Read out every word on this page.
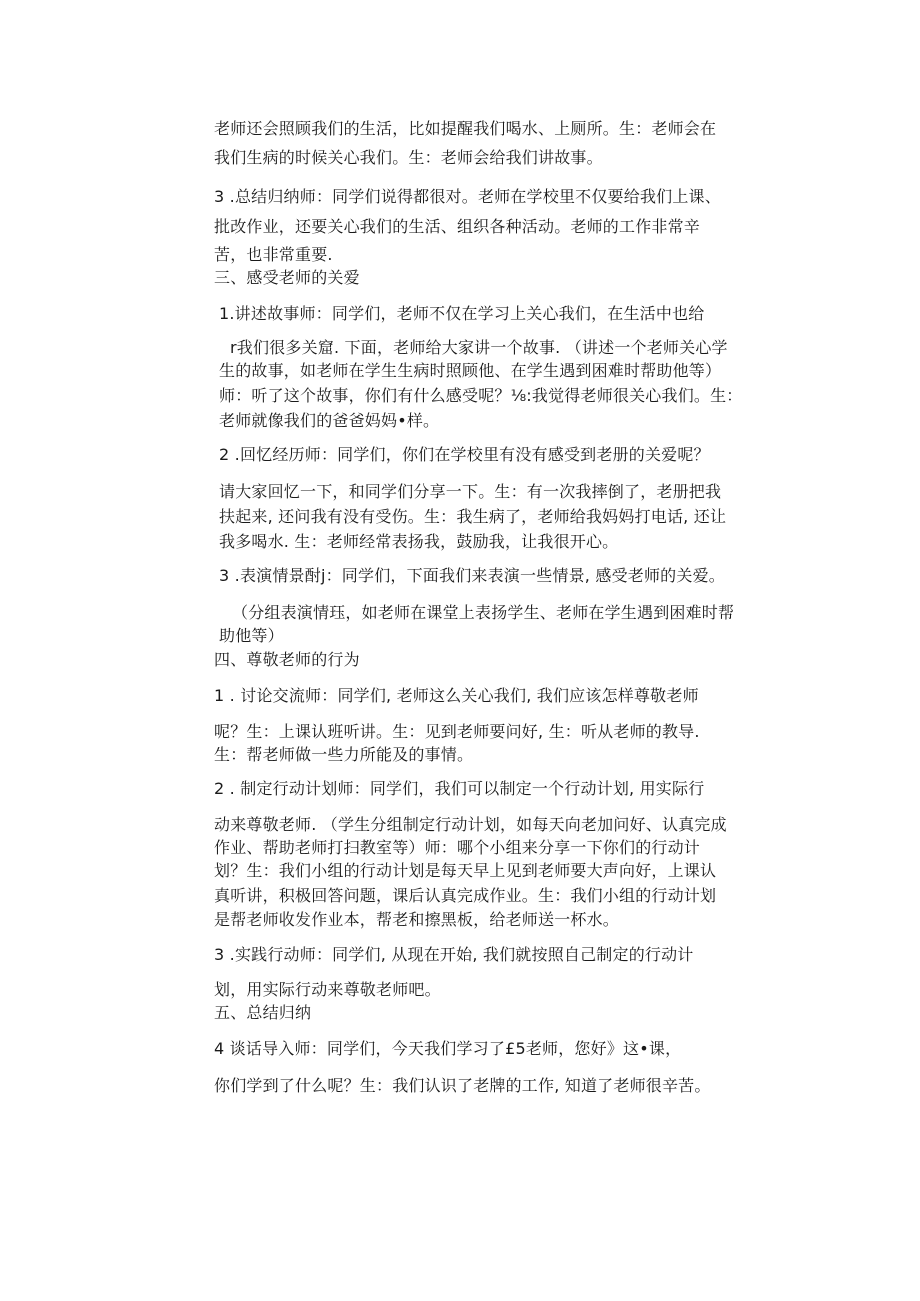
老师还会照顾我们的生活，比如提醒我们喝水、上厕所。生：老师会在
我们生病的时候关心我们。生：老师会给我们讲故事。
3 .总结归纳师：同学们说得都很对。老师在学校里不仅要给我们上课、
批改作业，还要关心我们的生活、组织各种活动。老师的工作非常辛
苦，也非常重要.
三、感受老师的关爱
1.讲述故事师：同学们，老师不仅在学习上关心我们，在生活中也给
r我们很多关窟. 下面，老师给大家讲一个故事. （讲述一个老师关心学
生的故事，如老师在学生生病时照顾他、在学生遇到困难时帮助他等）
师：听了这个故事，你们有什么感受呢？⅛:我觉得老师很关心我们。生：
老师就像我们的爸爸妈妈•样。
2 .回忆经历师：同学们，你们在学校里有没有感受到老册的关爱呢？
请大家回忆一下，和同学们分享一下。生：有一次我摔倒了，老册把我
扶起来, 还问我有没有受伤。生：我生病了，老师给我妈妈打电话, 还让
我多喝水. 生：老师经常表扬我，鼓励我，让我很开心。
3 .表演情景酎j：同学们，下面我们来表演一些情景, 感受老师的关爱。
（分组表演情珏，如老师在课堂上表扬学生、老师在学生遇到困难时帮
助他等）
四、尊敬老师的行为
1 . 讨论交流师：同学们, 老师这么关心我们, 我们应该怎样尊敬老师
呢？生：上课认班听讲。生：见到老师要问好, 生：听从老师的教导.
生：帮老师做一些力所能及的事情。
2 . 制定行动计划师：同学们，我们可以制定一个行动计划, 用实际行
动来尊敬老师. （学生分组制定行动计划，如每天向老加问好、认真完成
作业、帮助老师打扫教室等）师：哪个小组来分享一下你们的行动计
划？生：我们小组的行动计划是每天早上见到老师要大声向好，上课认
真听讲，积极回答问题，课后认真完成作业。生：我们小组的行动计划
是帮老师收发作业本，帮老和擦黑板，给老师送一杯水。
3 .实践行动师：同学们, 从现在开始, 我们就按照自己制定的行动计
划，用实际行动来尊敬老师吧。
五、总结归纳
4 谈话导入师：同学们，今天我们学习了£5老师，您好》这•课，
你们学到了什么呢？生：我们认识了老牌的工作, 知道了老师很辛苦。
